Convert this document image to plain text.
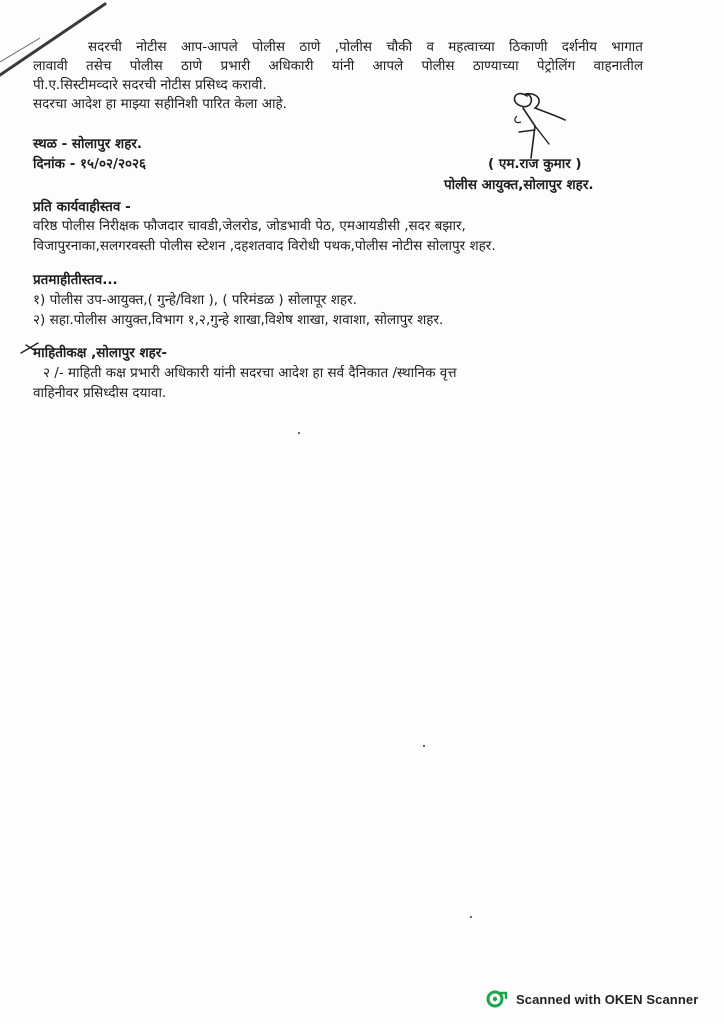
सदरची नोटीस आप-आपले पोलीस ठाणे ,पोलीस चौकी व महत्वाच्या ठिकाणी दर्शनीय भागात
लावावी तसेच पोलीस ठाणे प्रभारी अधिकारी यांनी आपले पोलीस ठाण्याच्या पेट्रोलिंग वाहनातील
पी.ए.सिस्टीमव्दारे सदरची नोटीस प्रसिध्द करावी.
सदरचा आदेश हा माझ्या सहीनिशी पारित केला आहे.
स्थळ - सोलापुर शहर.
दिनांक - १५/०२/२०२६	( एम.राज कुमार )
पोलीस आयुक्त,सोलापुर शहर.
प्रति कार्यवाहीस्तव -
वरिष्ठ पोलीस निरीक्षक फौजदार चावडी,जेलरोड, जोडभावी पेठ, एमआयडीसी ,सदर बझार,
विजापुरनाका,सलगरवस्ती पोलीस स्टेशन ,दहशतवाद विरोधी पथक,पोलीस नोटीस सोलापुर शहर.
प्रतमाहीतीस्तव...
१) पोलीस उप-आयुक्त,( गुन्हे/विशा ), ( परिमंडळ ) सोलापूर शहर.
२) सहा.पोलीस आयुक्त,विभाग १,२,गुन्हे शाखा,विशेष शाखा, शवाशा, सोलापुर शहर.
माहितीकक्ष ,सोलापुर शहर-
२ /- माहिती कक्ष प्रभारी अधिकारी यांनी सदरचा आदेश हा सर्व दैनिकात /स्थानिक वृत्त
वाहिनीवर प्रसिध्दीस दयावा.
Scanned with OKEN Scanner
